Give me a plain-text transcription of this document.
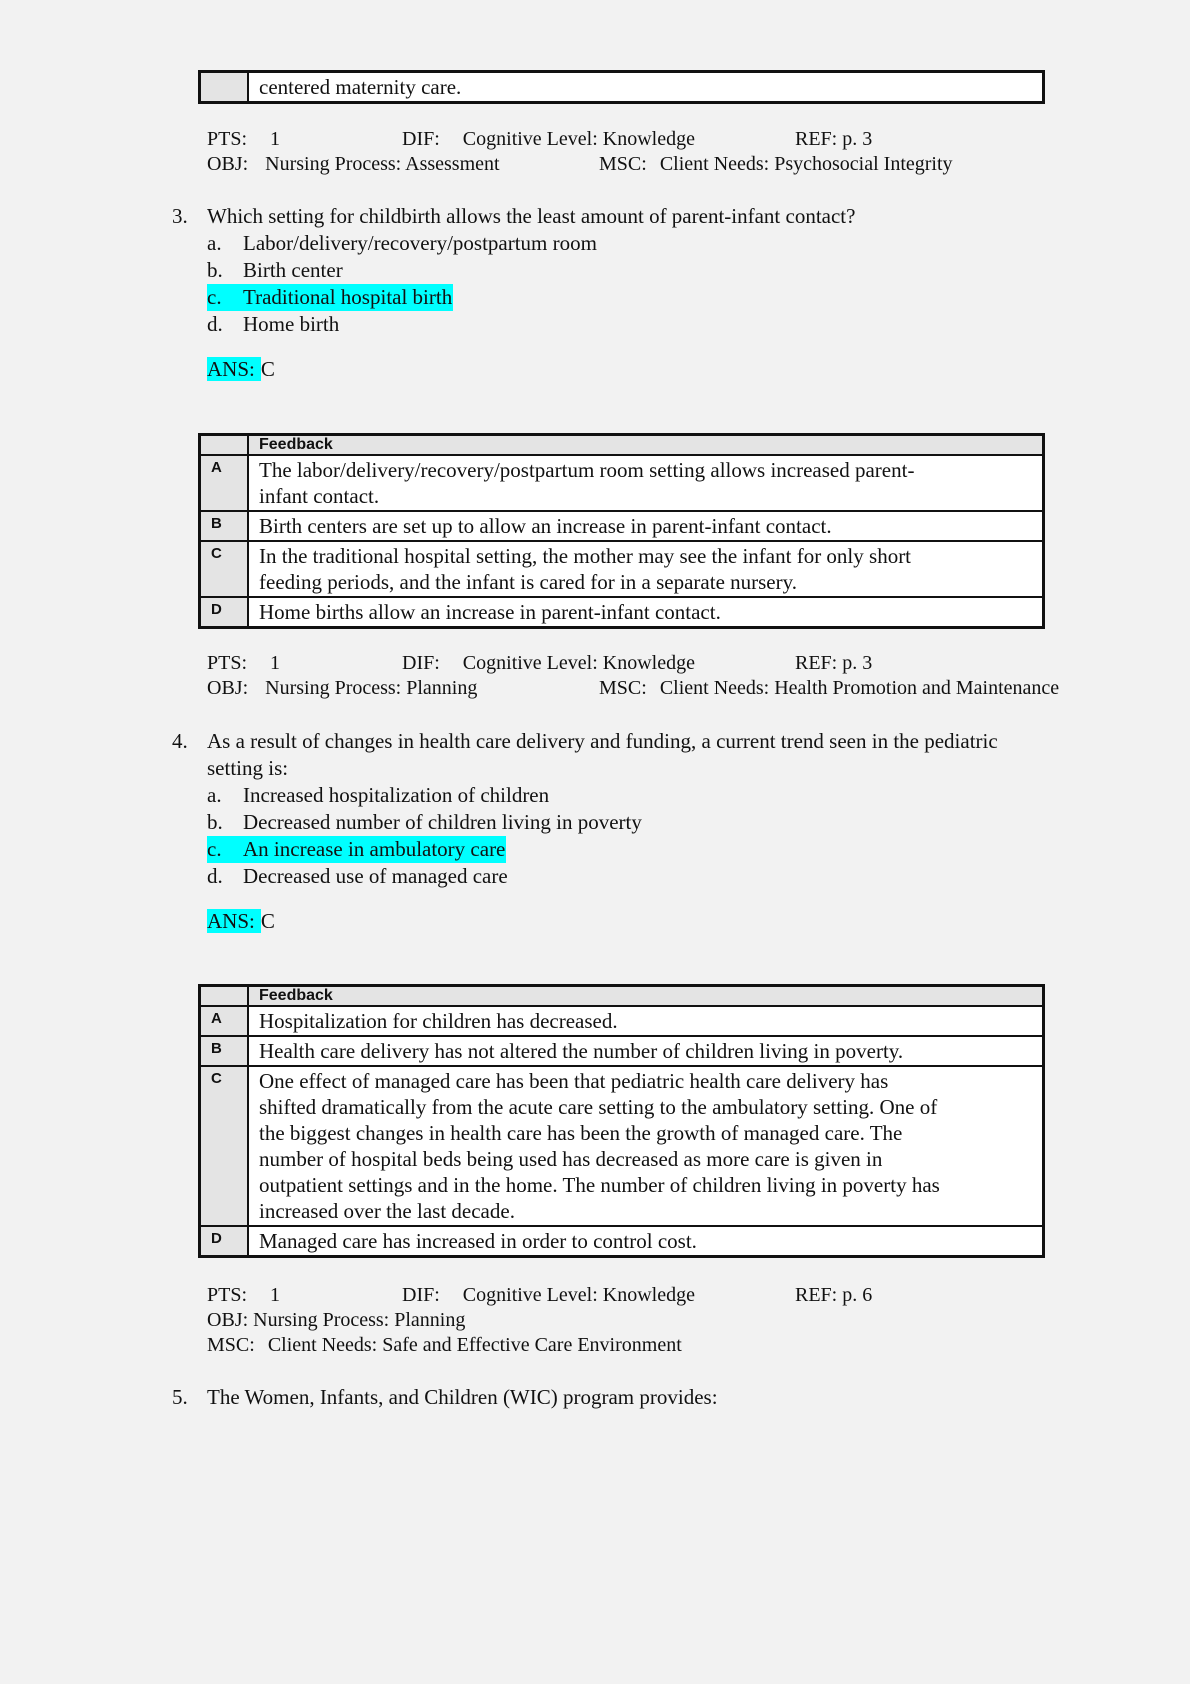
centered maternity care.
PTS: 1	DIF: Cognitive Level: Knowledge	REF: p. 3
OBJ: Nursing Process: Assessment	MSC: Client Needs: Psychosocial Integrity
3. Which setting for childbirth allows the least amount of parent-infant contact?
a. Labor/delivery/recovery/postpartum room
b. Birth center
c. Traditional hospital birth
d. Home birth
ANS: C
Feedback
A	The labor/delivery/recovery/postpartum room setting allows increased parent-
infant contact.
B	Birth centers are set up to allow an increase in parent-infant contact.
C	In the traditional hospital setting, the mother may see the infant for only short
feeding periods, and the infant is cared for in a separate nursery.
D	Home births allow an increase in parent-infant contact.
PTS: 1	DIF: Cognitive Level: Knowledge	REF: p. 3
OBJ: Nursing Process: Planning	MSC: Client Needs: Health Promotion and Maintenance
4. As a result of changes in health care delivery and funding, a current trend seen in the pediatric
setting is:
a. Increased hospitalization of children
b. Decreased number of children living in poverty
c. An increase in ambulatory care
d. Decreased use of managed care
ANS: C
Feedback
A	Hospitalization for children has decreased.
B	Health care delivery has not altered the number of children living in poverty.
C	One effect of managed care has been that pediatric health care delivery has
shifted dramatically from the acute care setting to the ambulatory setting. One of
the biggest changes in health care has been the growth of managed care. The
number of hospital beds being used has decreased as more care is given in
outpatient settings and in the home. The number of children living in poverty has
increased over the last decade.
D	Managed care has increased in order to control cost.
PTS: 1	DIF: Cognitive Level: Knowledge	REF: p. 6
OBJ: Nursing Process: Planning
MSC: Client Needs: Safe and Effective Care Environment
5. The Women, Infants, and Children (WIC) program provides:
